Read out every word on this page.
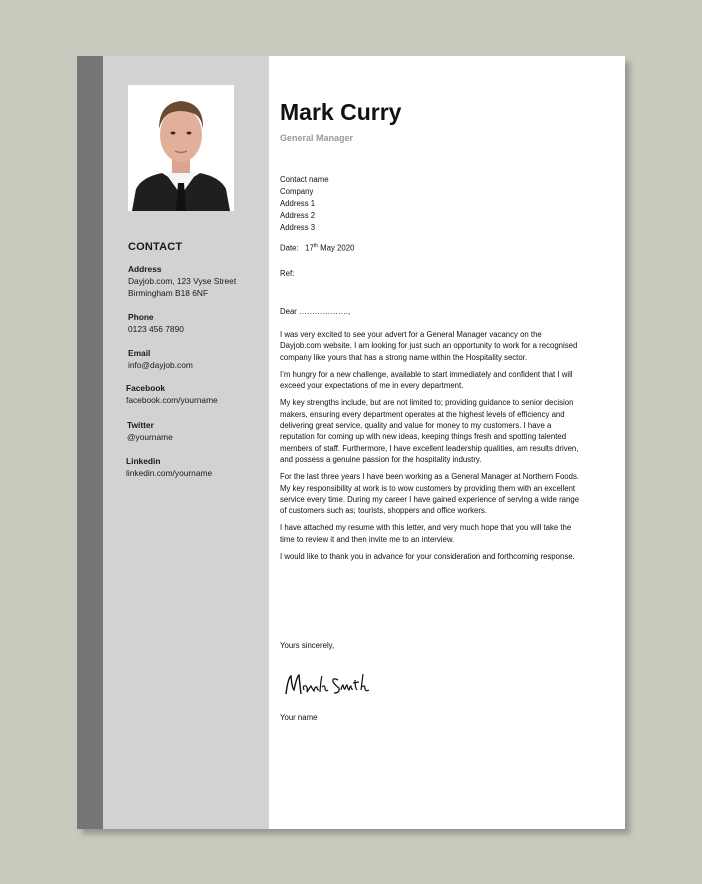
CONTACT
Address
Dayjob.com, 123 Vyse Street
Birmingham B18 6NF
Phone
0123 456 7890
Email
info@dayjob.com
Facebook
facebook.com/yourname
Twitter
@yourname
Linkedin
linkedin.com/yourname
Mark Curry
General Manager
Contact name
Company
Address 1
Address 2
Address 3
Date: 17th May 2020
Ref:
Dear ……………….,

I was very excited to see your advert for a General Manager vacancy on the Dayjob.com website. I am looking for just such an opportunity to work for a recognised company like yours that has a strong name within the Hospitality sector.

I’m hungry for a new challenge, available to start immediately and confident that I will exceed your expectations of me in every department.

My key strengths include, but are not limited to; providing guidance to senior decision makers, ensuring every department operates at the highest levels of efficiency and delivering great service, quality and value for money to my customers. I have a reputation for coming up with new ideas, keeping things fresh and spotting talented members of staff. Furthermore, I have excellent leadership qualities, am results driven, and possess a genuine passion for the hospitality industry.

For the last three years I have been working as a General Manager at Northern Foods. My key responsibility at work is to wow customers by providing them with an excellent service every time. During my career I have gained experience of serving a wide range of customers such as; tourists, shoppers and office workers.

I have attached my resume with this letter, and very much hope that you will take the time to review it and then invite me to an interview.

I would like to thank you in advance for your consideration and forthcoming response.

Yours sincerely,
Your name
